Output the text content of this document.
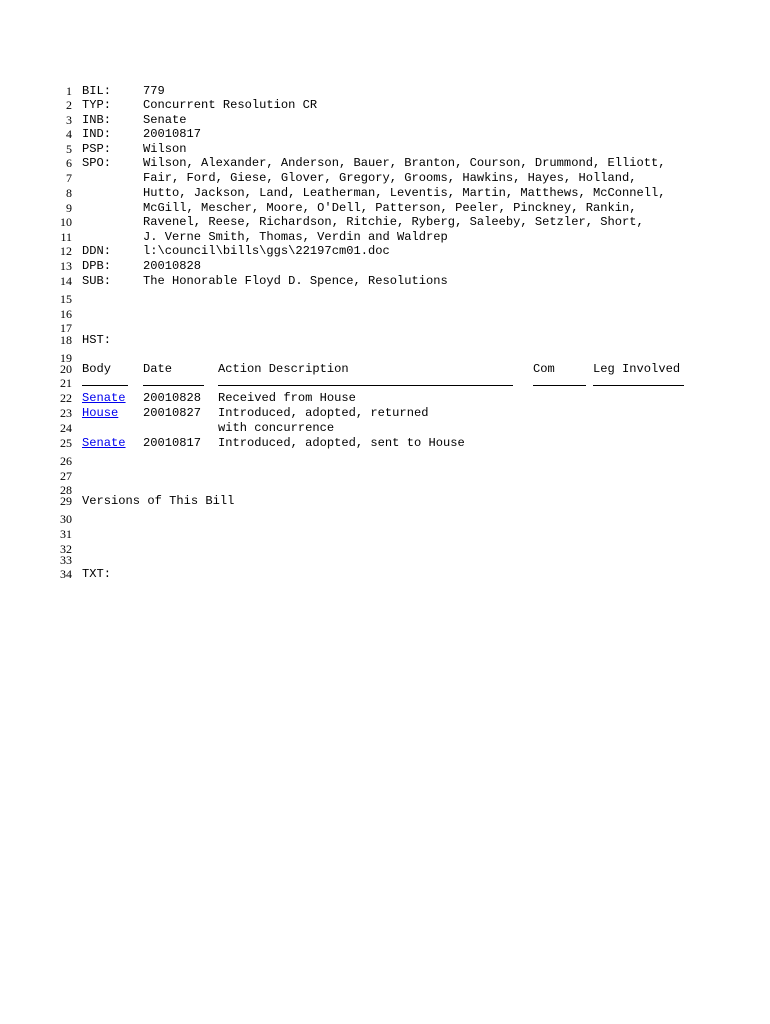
1 BIL:	779
2 TYP:	Concurrent Resolution CR
3 INB:	Senate
4 IND:	20010817
5 PSP:	Wilson
6 SPO:	Wilson, Alexander, Anderson, Bauer, Branton, Courson, Drummond, Elliott,
7	Fair, Ford, Giese, Glover, Gregory, Grooms, Hawkins, Hayes, Holland,
8	Hutto, Jackson, Land, Leatherman, Leventis, Martin, Matthews, McConnell,
9	McGill, Mescher, Moore, O'Dell, Patterson, Peeler, Pinckney, Rankin,
10	Ravenel, Reese, Richardson, Ritchie, Ryberg, Saleeby, Setzler, Short,
11	J. Verne Smith, Thomas, Verdin and Waldrep
12 DDN:	l:\council\bills\ggs\22197cm01.doc
13 DPB:	20010828
14 SUB:	The Honorable Floyd D. Spence, Resolutions
15
16
17
18 HST:
19
20 Body	Date	Action Description	Com	Leg Involved
21
22 Senate 20010828 Received from House
23 House 20010827 Introduced, adopted, returned
24	with concurrence
25 Senate 20010817 Introduced, adopted, sent to House
26
27
28
29 Versions of This Bill
30
31
32
33
34 TXT:
